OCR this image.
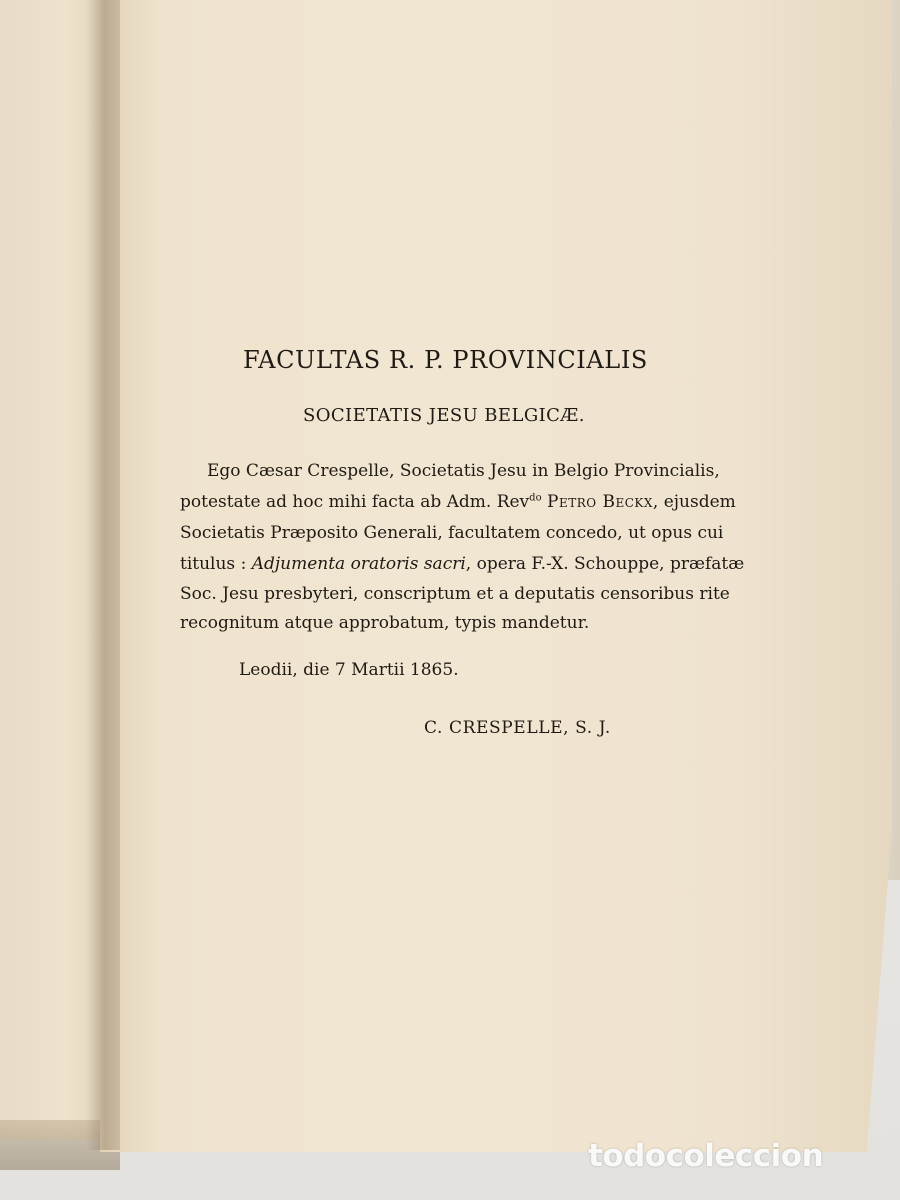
FACULTAS R. P. PROVINCIALIS
SOCIETATIS JESU BELGICÆ.
Ego Cæsar Crespelle, Societatis Jesu in Belgio Provincialis,
potestate ad hoc mihi facta ab Adm. Rev$^{do}$ Petro Beckx, ejusdem
Societatis Præposito Generali, facultatem concedo, ut opus cui
titulus : Adjumenta oratoris sacri, opera F.-X. Schouppe, præfatæ
Soc. Jesu presbyteri, conscriptum et a deputatis censoribus rite
recognitum atque approbatum, typis mandetur.
Leodii, die 7 Martii 1865.
C. CRESPELLE, S. J.
todocoleccion
